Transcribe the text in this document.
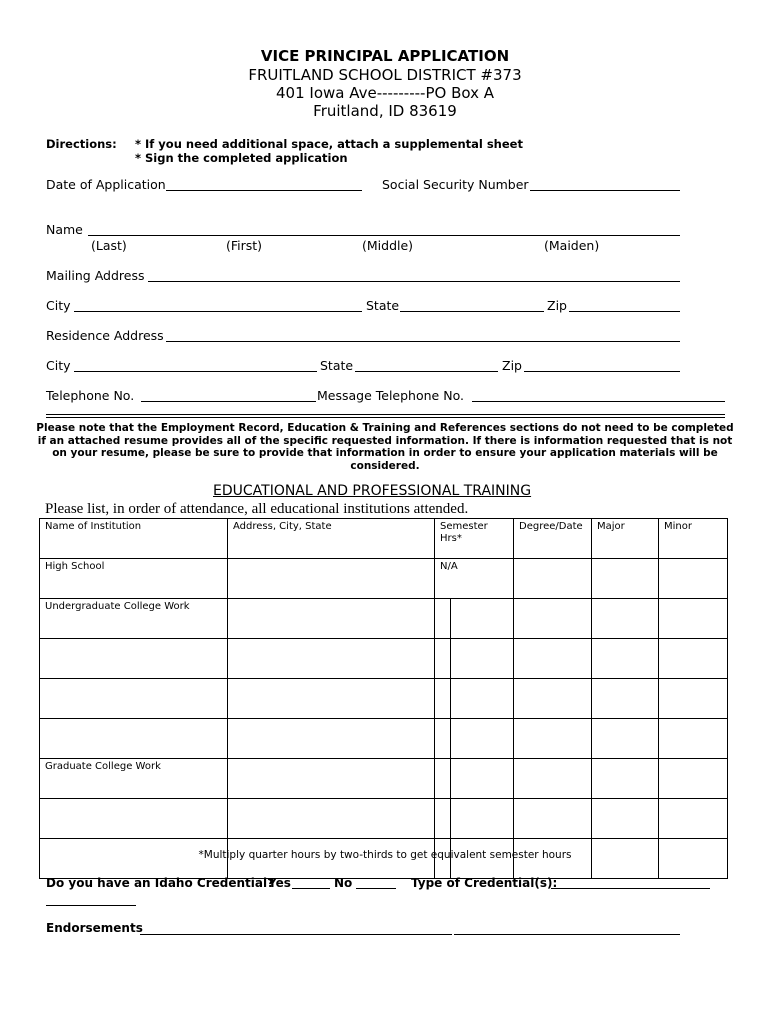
VICE PRINCIPAL APPLICATION
FRUITLAND SCHOOL DISTRICT #373
401 Iowa Ave---------PO Box A
Fruitland, ID 83619
Directions: * If you need additional space, attach a supplemental sheet
* Sign the completed application
Date of Application	Social Security Number
Name
(Last)	(First)	(Middle)	(Maiden)
Mailing Address
City	State	Zip
Residence Address
City	State	Zip
Telephone No.	Message Telephone No.
Please note that the Employment Record, Education & Training and References sections do not need to be completed
if an attached resume provides all of the specific requested information. If there is information requested that is not
on your resume, please be sure to provide that information in order to ensure your application materials will be
considered.
EDUCATIONAL AND PROFESSIONAL TRAINING
Please list, in order of attendance, all educational institutions attended.
Name of Institution	Address, City, State	Semester Hrs*		Degree/Date	Major	Minor
High School		N/A				
Undergraduate College Work						

Graduate College Work						

*Multiply quarter hours by two-thirds to get equivalent semester hours
Do you have an Idaho Credential?
Yes	No	Type of Credential(s):
Endorsements
